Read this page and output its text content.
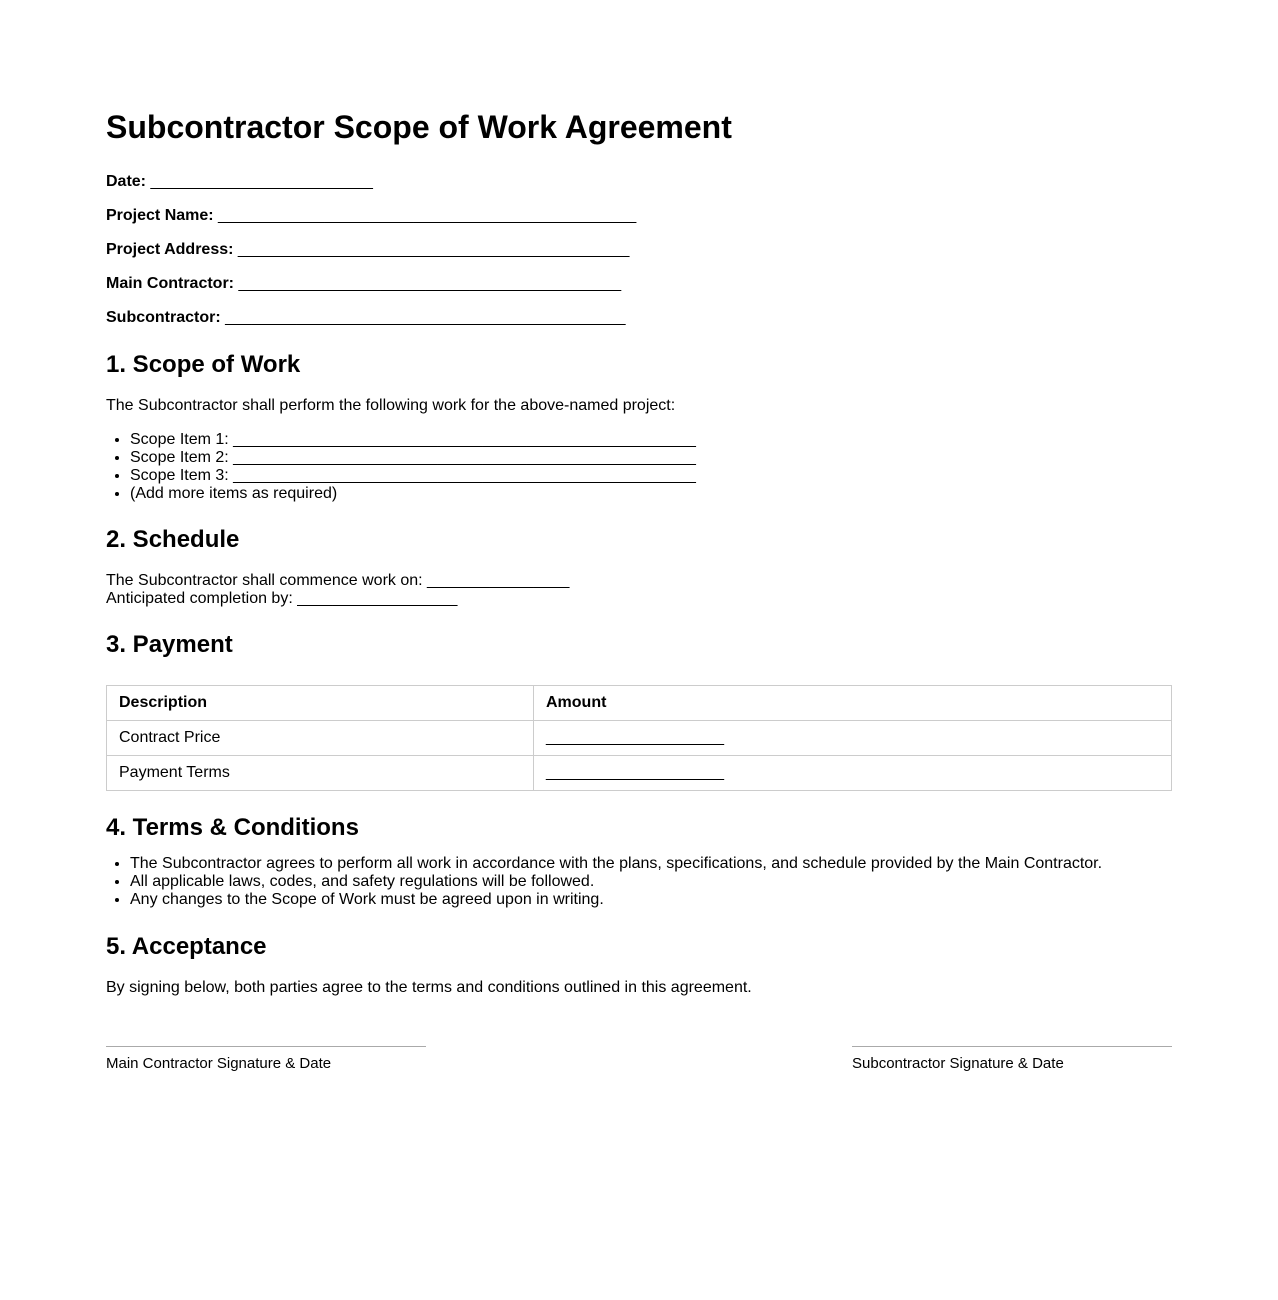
Subcontractor Scope of Work Agreement
Date: _________________________
Project Name: _______________________________________________
Project Address: ____________________________________________
Main Contractor: ___________________________________________
Subcontractor: _____________________________________________
1. Scope of Work

The Subcontractor shall perform the following work for the above-named project:

• Scope Item 1: ____________________________________________________
• Scope Item 2: ____________________________________________________
• Scope Item 3: ____________________________________________________
• (Add more items as required)
2. Schedule

The Subcontractor shall commence work on: ________________

Anticipated completion by: __________________

3. Payment
Description	Amount
Contract Price	____________________
Payment Terms	____________________
4. Terms & Conditions
• The Subcontractor agrees to perform all work in accordance with the plans, specifications, and schedule provided by the Main Contractor.
• All applicable laws, codes, and safety regulations will be followed.
• Any changes to the Scope of Work must be agreed upon in writing.
5. Acceptance

By signing below, both parties agree to the terms and conditions outlined in this agreement.

Main Contractor Signature & Date	Subcontractor Signature & Date
